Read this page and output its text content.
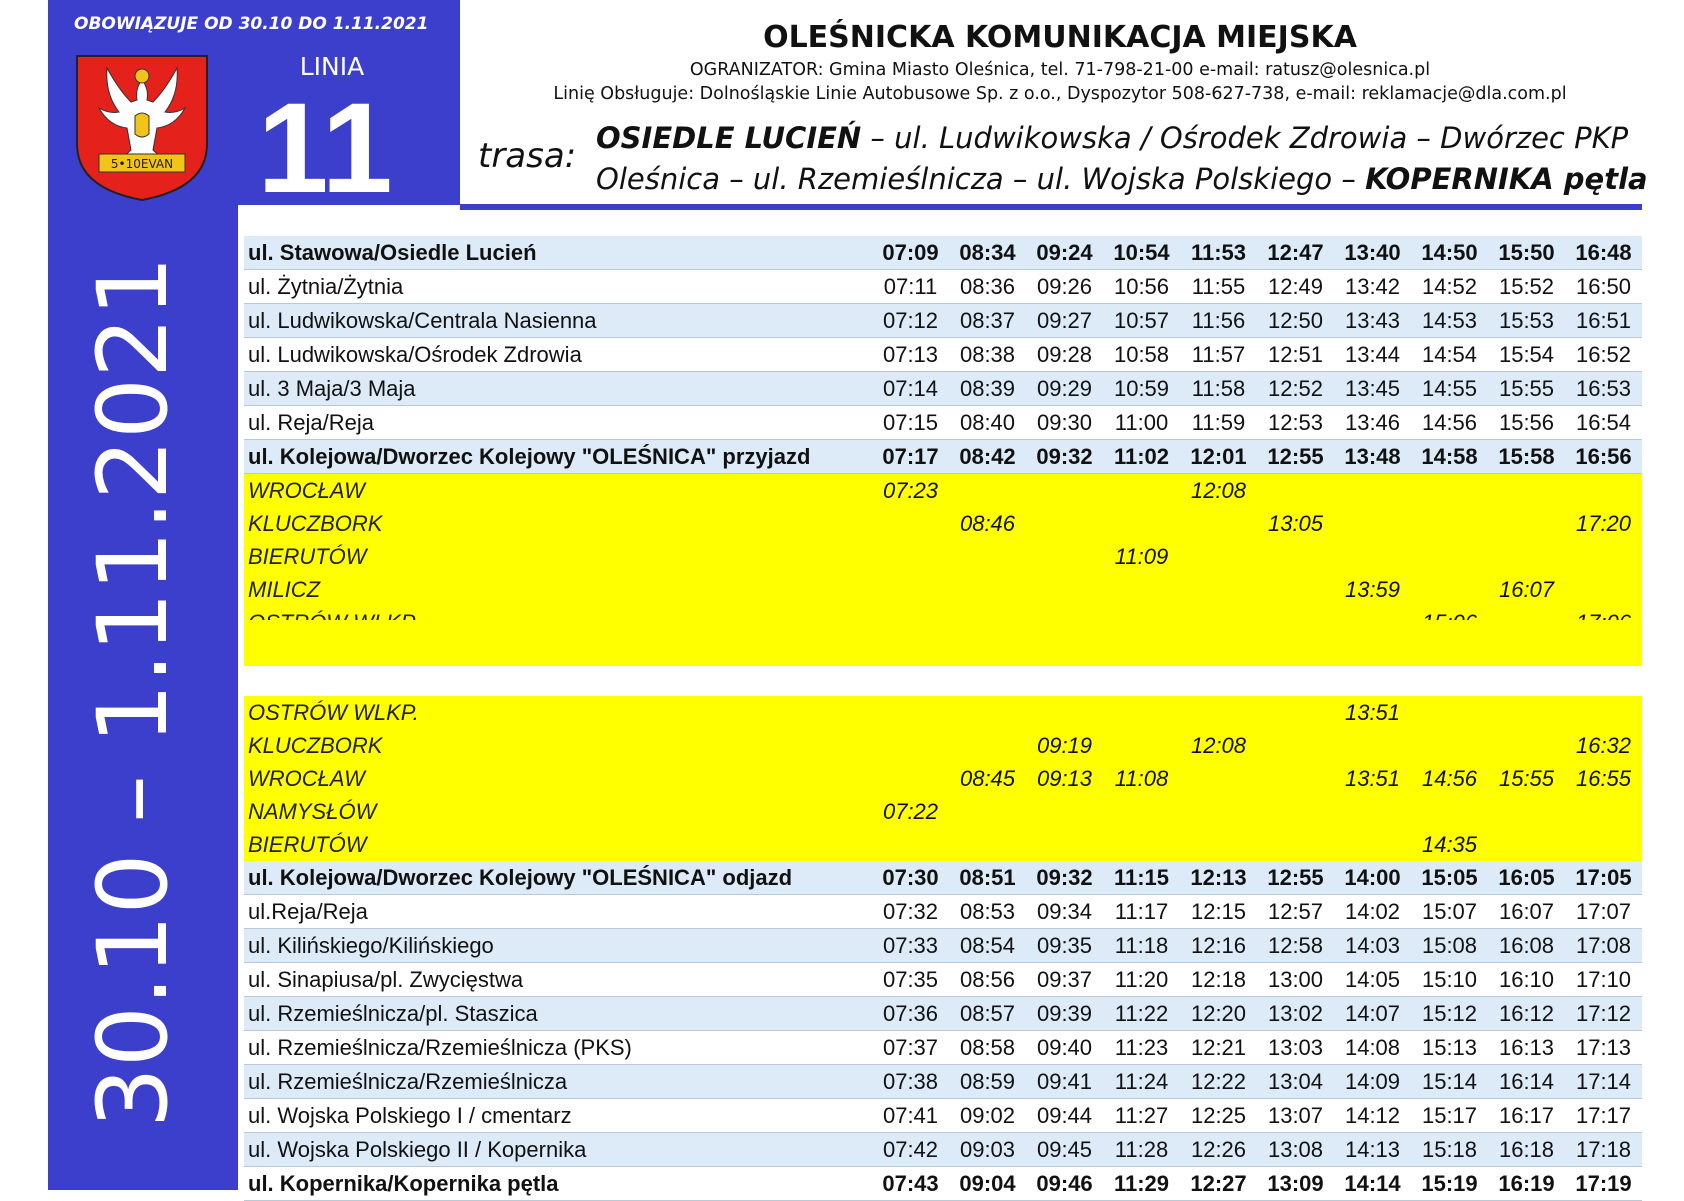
OBOWIĄZUJE OD 30.10 DO 1.11.2021
5•10EVAN
LINIA
11
30.10 – 1.11.2021
OLEŚNICKA KOMUNIKACJA MIEJSKA
OGRANIZATOR: Gmina Miasto Oleśnica, tel. 71-798-21-00 e-mail: ratusz@olesnica.pl
Linię Obsługuje: Dolnośląskie Linie Autobusowe Sp. z o.o., Dyspozytor 508-627-738, e-mail: reklamacje@dla.com.pl
trasa: OSIEDLE LUCIEŃ – ul. Ludwikowska / Ośrodek Zdrowia – Dwórzec PKP
Oleśnica – ul. Rzemieślnicza – ul. Wojska Polskiego – KOPERNIKA pętla
ul. Stawowa/Osiedle Lucień	07:09	08:34	09:24	10:54	11:53	12:47	13:40	14:50	15:50	16:48
ul. Żytnia/Żytnia	07:11	08:36	09:26	10:56	11:55	12:49	13:42	14:52	15:52	16:50
ul. Ludwikowska/Centrala Nasienna	07:12	08:37	09:27	10:57	11:56	12:50	13:43	14:53	15:53	16:51
ul. Ludwikowska/Ośrodek Zdrowia	07:13	08:38	09:28	10:58	11:57	12:51	13:44	14:54	15:54	16:52
ul. 3 Maja/3 Maja	07:14	08:39	09:29	10:59	11:58	12:52	13:45	14:55	15:55	16:53
ul. Reja/Reja	07:15	08:40	09:30	11:00	11:59	12:53	13:46	14:56	15:56	16:54
ul. Kolejowa/Dworzec Kolejowy "OLEŚNICA" przyjazd	07:17	08:42	09:32	11:02	12:01	12:55	13:48	14:58	15:58	16:56
WROCŁAW	07:23				12:08					
KLUCZBORK		08:46				13:05				17:20
BIERUTÓW				11:09						
MILICZ							13:59		16:07	

OSTRÓW WLKP.							13:51			
KLUCZBORK			09:19		12:08					16:32
WROCŁAW		08:45	09:13	11:08			13:51	14:56	15:55	16:55
NAMYSŁÓW	07:22									
BIERUTÓW								14:35		
ul. Kolejowa/Dworzec Kolejowy "OLEŚNICA" odjazd	07:30	08:51	09:32	11:15	12:13	12:55	14:00	15:05	16:05	17:05
ul.Reja/Reja	07:32	08:53	09:34	11:17	12:15	12:57	14:02	15:07	16:07	17:07
ul. Kilińskiego/Kilińskiego	07:33	08:54	09:35	11:18	12:16	12:58	14:03	15:08	16:08	17:08
ul. Sinapiusa/pl. Zwycięstwa	07:35	08:56	09:37	11:20	12:18	13:00	14:05	15:10	16:10	17:10
ul. Rzemieślnicza/pl. Staszica	07:36	08:57	09:39	11:22	12:20	13:02	14:07	15:12	16:12	17:12
ul. Rzemieślnicza/Rzemieślnicza (PKS)	07:37	08:58	09:40	11:23	12:21	13:03	14:08	15:13	16:13	17:13
ul. Rzemieślnicza/Rzemieślnicza	07:38	08:59	09:41	11:24	12:22	13:04	14:09	15:14	16:14	17:14
ul. Wojska Polskiego I / cmentarz	07:41	09:02	09:44	11:27	12:25	13:07	14:12	15:17	16:17	17:17
ul. Wojska Polskiego II / Kopernika	07:42	09:03	09:45	11:28	12:26	13:08	14:13	15:18	16:18	17:18
ul. Kopernika/Kopernika pętla	07:43	09:04	09:46	11:29	12:27	13:09	14:14	15:19	16:19	17:19
